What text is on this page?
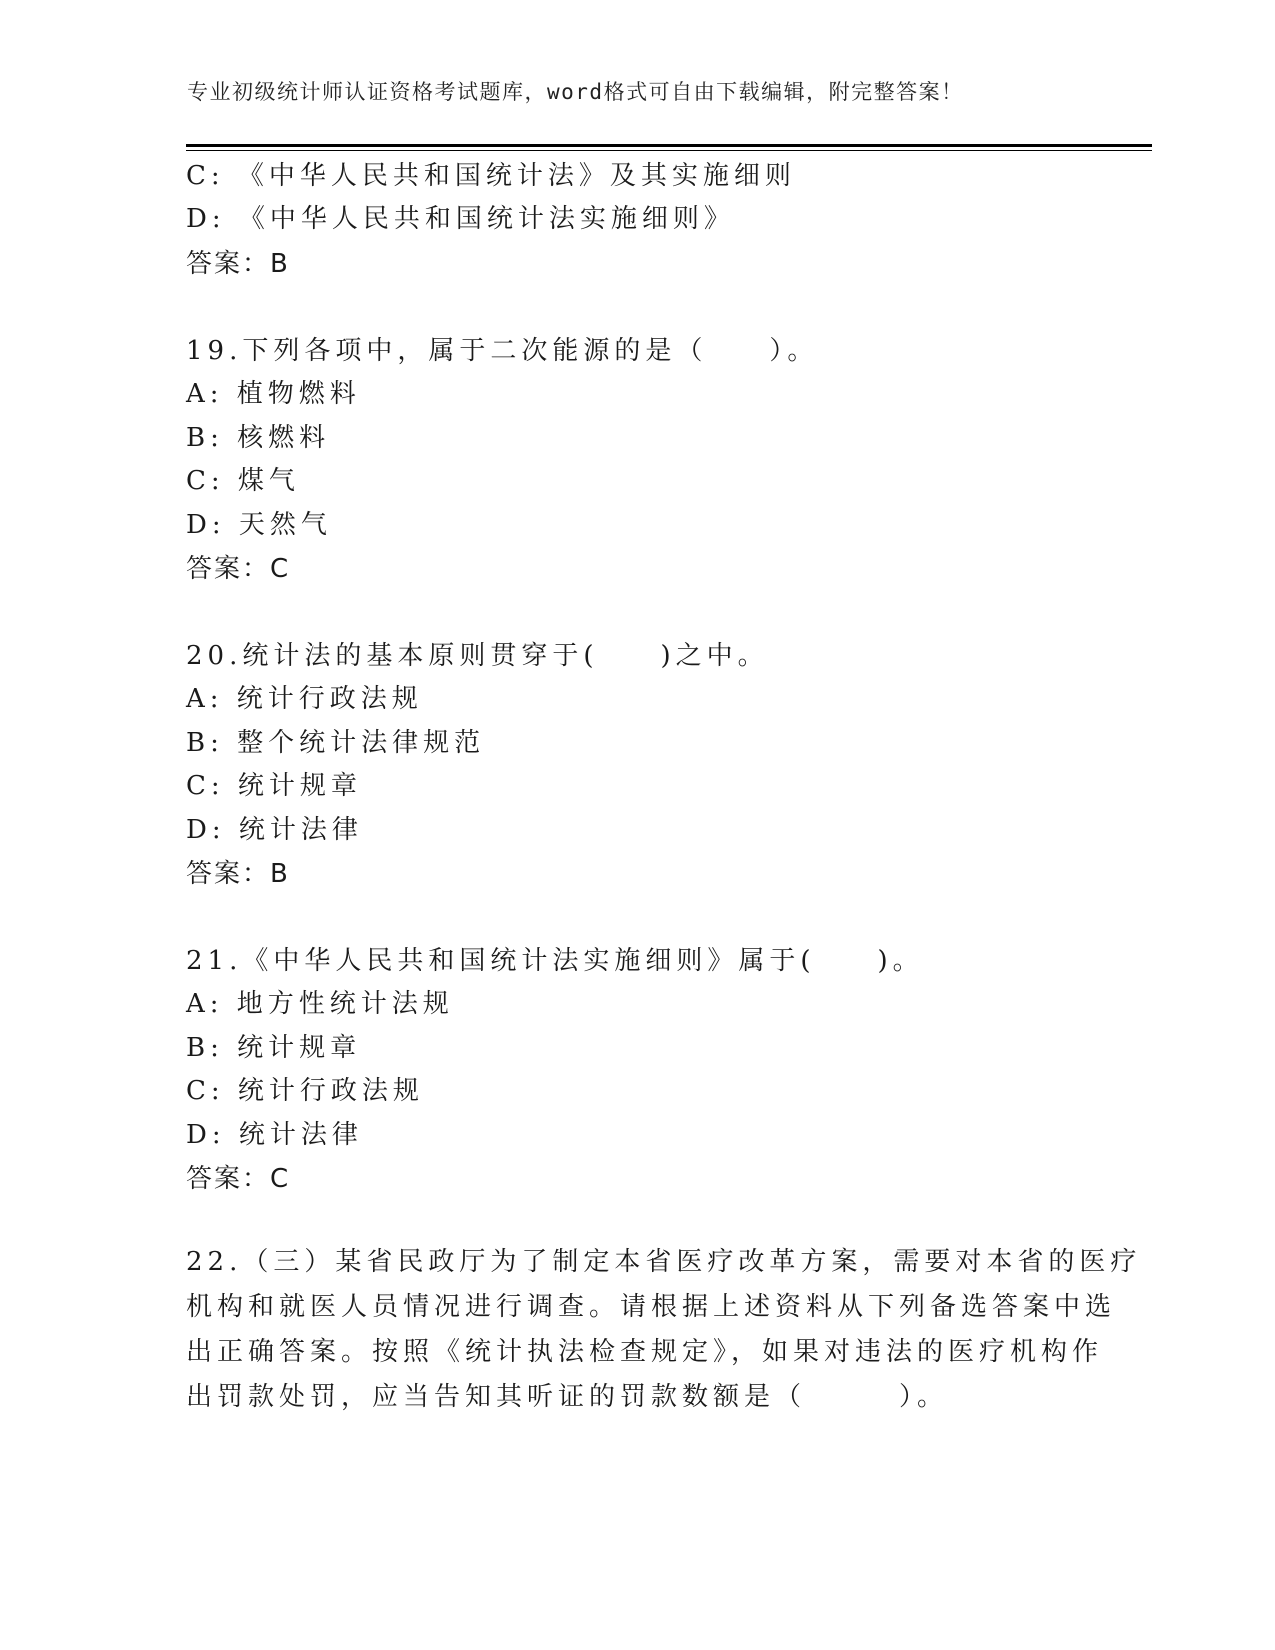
专业初级统计师认证资格考试题库，word格式可自由下载编辑，附完整答案！
C: 《中华人民共和国统计法》及其实施细则
D: 《中华人民共和国统计法实施细则》
答案：B
19.下列各项中，属于二次能源的是（　　）。
A: 植物燃料
B: 核燃料
C: 煤气
D: 天然气
答案：C
20.统计法的基本原则贯穿于(　　)之中。
A: 统计行政法规
B: 整个统计法律规范
C: 统计规章
D: 统计法律
答案：B
21.《中华人民共和国统计法实施细则》属于(　　)。
A: 地方性统计法规
B: 统计规章
C: 统计行政法规
D: 统计法律
答案：C
22.（三）某省民政厅为了制定本省医疗改革方案，需要对本省的医疗
机构和就医人员情况进行调查。请根据上述资料从下列备选答案中选
出正确答案。按照《统计执法检查规定》，如果对违法的医疗机构作
出罚款处罚，应当告知其听证的罚款数额是（　　　）。
